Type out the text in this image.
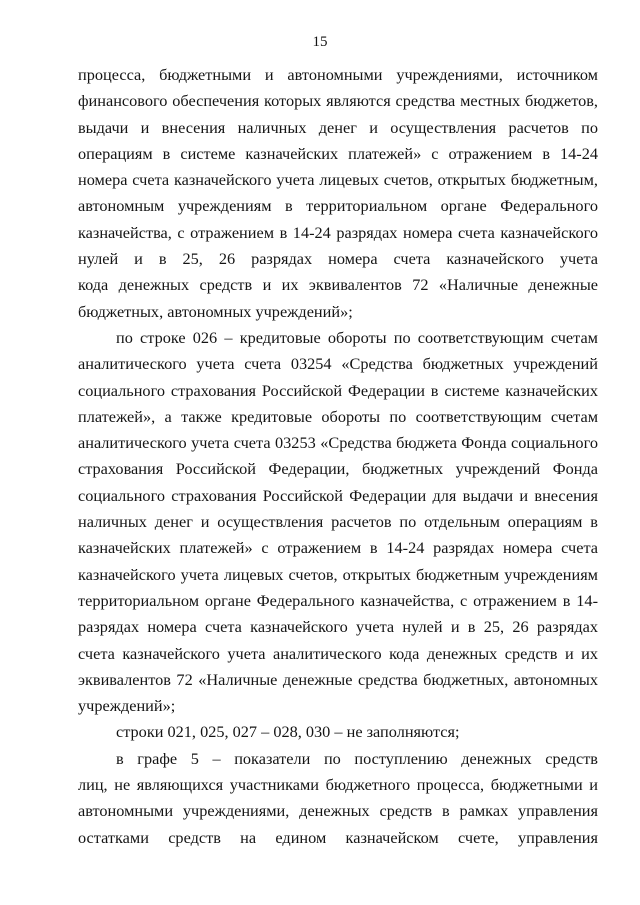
15
процесса, бюджетными и автономными учреждениями, источником
финансового обеспечения которых являются средства местных бюджетов,
выдачи и внесения наличных денег и осуществления расчетов по
операциям в системе казначейских платежей» с отражением в 14-24
номера счета казначейского учета лицевых счетов, открытых бюджетным,
автономным учреждениям в территориальном органе Федерального
казначейства, с отражением в 14-24 разрядах номера счета казначейского
нулей и в 25, 26 разрядах номера счета казначейского учета
кода денежных средств и их эквивалентов 72 «Наличные денежные
бюджетных, автономных учреждений»;
по строке 026 – кредитовые обороты по соответствующим счетам
аналитического учета счета 03254 «Средства бюджетных учреждений
социального страхования Российской Федерации в системе казначейских
платежей», а также кредитовые обороты по соответствующим счетам
аналитического учета счета 03253 «Средства бюджета Фонда социального
страхования Российской Федерации, бюджетных учреждений Фонда
социального страхования Российской Федерации для выдачи и внесения
наличных денег и осуществления расчетов по отдельным операциям в
казначейских платежей» с отражением в 14-24 разрядах номера счета
казначейского учета лицевых счетов, открытых бюджетным учреждениям
территориальном органе Федерального казначейства, с отражением в 14-
разрядах номера счета казначейского учета нулей и в 25, 26 разрядах
счета казначейского учета аналитического кода денежных средств и их
эквивалентов 72 «Наличные денежные средства бюджетных, автономных
учреждений»;
строки 021, 025, 027 – 028, 030 – не заполняются;
в графе 5 – показатели по поступлению денежных средств
лиц, не являющихся участниками бюджетного процесса, бюджетными и
автономными учреждениями, денежных средств в рамках управления
остатками средств на едином казначейском счете, управления
